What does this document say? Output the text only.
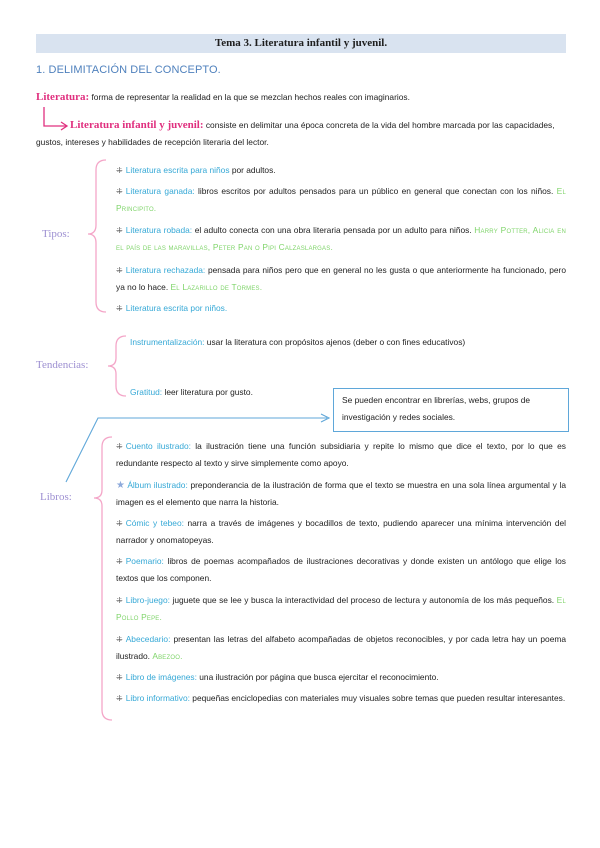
Tema 3. Literatura infantil y juvenil.
1. DELIMITACIÓN DEL CONCEPTO.
Literatura: forma de representar la realidad en la que se mezclan hechos reales con imaginarios.
Literatura infantil y juvenil: consiste en delimitar una época concreta de la vida del hombre marcada por las capacidades, gustos, intereses y habilidades de recepción literaria del lector.
Tipos:
Tendencias:
Libros:
⁜ Literatura escrita para niños por adultos.
⁜ Literatura ganada: libros escritos por adultos pensados para un público en general que conectan con los niños. El Principito.
⁜ Literatura robada: el adulto conecta con una obra literaria pensada por un adulto para niños. Harry Potter, Alicia en el país de las maravillas, Peter Pan o Pipi Calzaslargas.
⁜ Literatura rechazada: pensada para niños pero que en general no les gusta o que anteriormente ha funcionado, pero ya no lo hace. El Lazarillo de Tormes.
⁜ Literatura escrita por niños.
Instrumentalización: usar la literatura con propósitos ajenos (deber o con fines educativos)
Gratitud: leer literatura por gusto.
Se pueden encontrar en librerías, webs, grupos de investigación y redes sociales.
⁜ Cuento ilustrado: la ilustración tiene una función subsidiaria y repite lo mismo que dice el texto, por lo que es redundante respecto al texto y sirve simplemente como apoyo.
★ Álbum ilustrado: preponderancia de la ilustración de forma que el texto se muestra en una sola línea argumental y la imagen es el elemento que narra la historia.
⁜ Cómic y tebeo: narra a través de imágenes y bocadillos de texto, pudiendo aparecer una mínima intervención del narrador y onomatopeyas.
⁜ Poemario: libros de poemas acompañados de ilustraciones decorativas y donde existen un antólogo que elige los textos que los componen.
⁜ Libro-juego: juguete que se lee y busca la interactividad del proceso de lectura y autonomía de los más pequeños. El Pollo Pepe.
⁜ Abecedario: presentan las letras del alfabeto acompañadas de objetos reconocibles, y por cada letra hay un poema ilustrado. Abezoo.
⁜ Libro de imágenes: una ilustración por página que busca ejercitar el reconocimiento.
⁜ Libro informativo: pequeñas enciclopedias con materiales muy visuales sobre temas que pueden resultar interesantes.
